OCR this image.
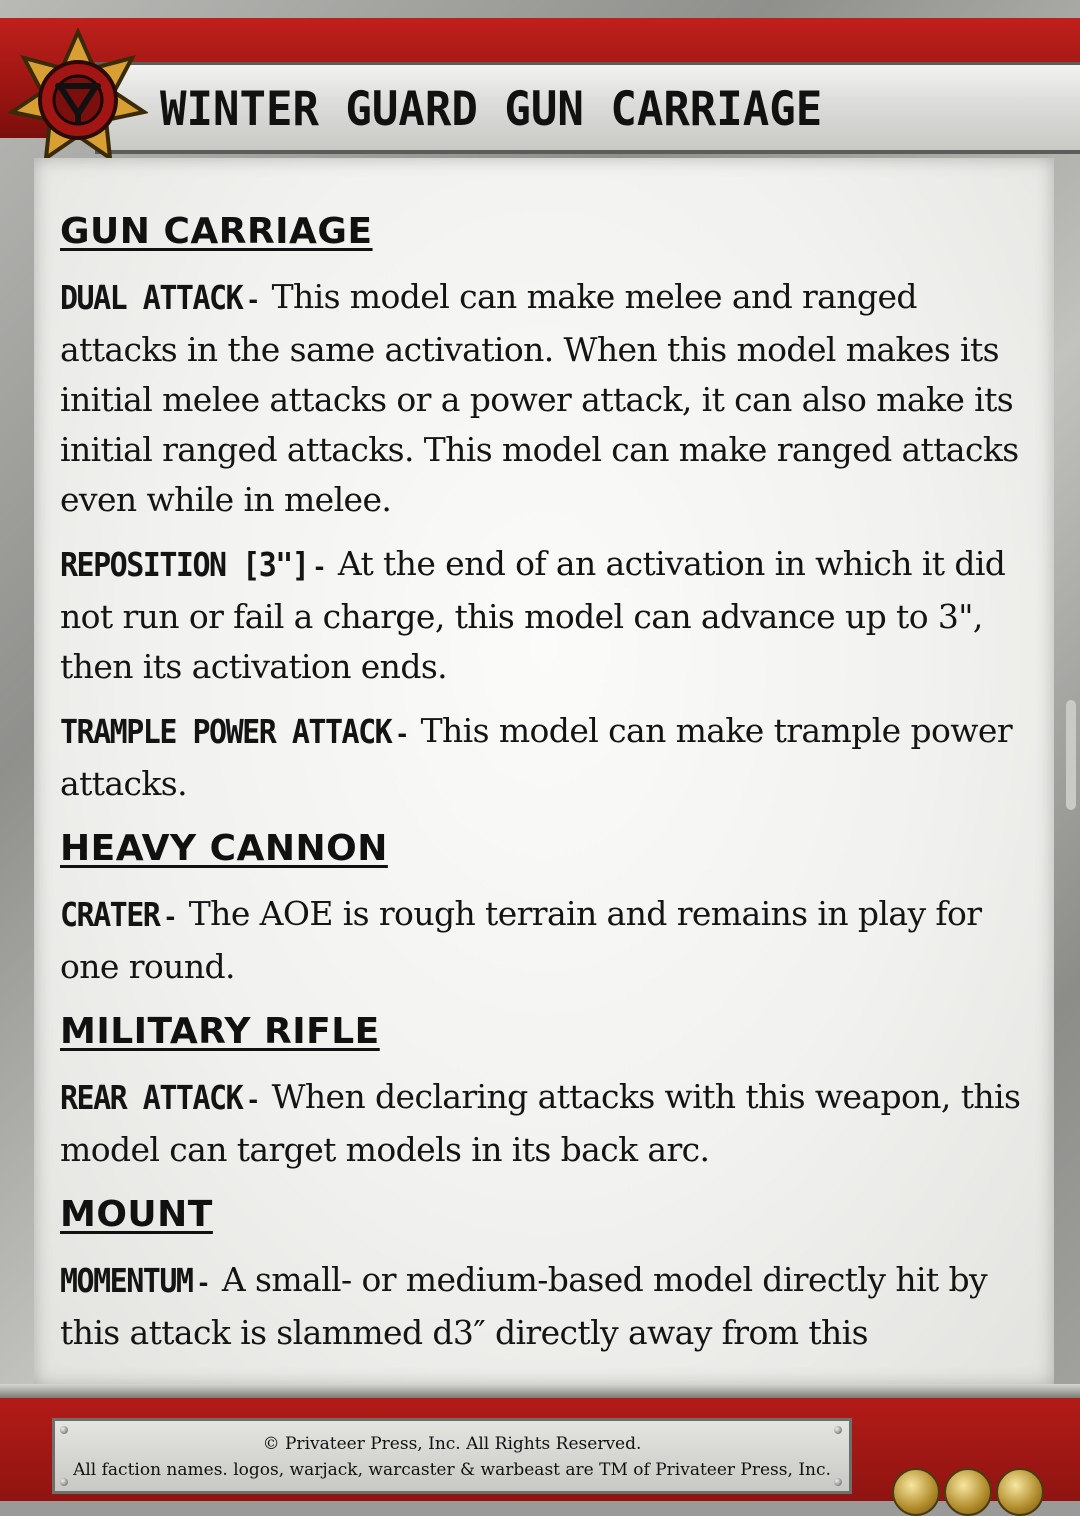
WINTER GUARD GUN CARRIAGE
GUN CARRIAGE
DUAL ATTACK - This model can make melee and ranged attacks in the same activation. When this model makes its initial melee attacks or a power attack, it can also make its initial ranged attacks. This model can make ranged attacks even while in melee.
REPOSITION [3"] - At the end of an activation in which it did not run or fail a charge, this model can advance up to 3", then its activation ends.
TRAMPLE POWER ATTACK - This model can make trample power attacks.
HEAVY CANNON
CRATER - The AOE is rough terrain and remains in play for one round.
MILITARY RIFLE
REAR ATTACK - When declaring attacks with this weapon, this model can target models in its back arc.
MOUNT
MOMENTUM - A small- or medium-based model directly hit by this attack is slammed d3″ directly away from this
© Privateer Press, Inc. All Rights Reserved.
All faction names. logos, warjack, warcaster & warbeast are TM of Privateer Press, Inc.
